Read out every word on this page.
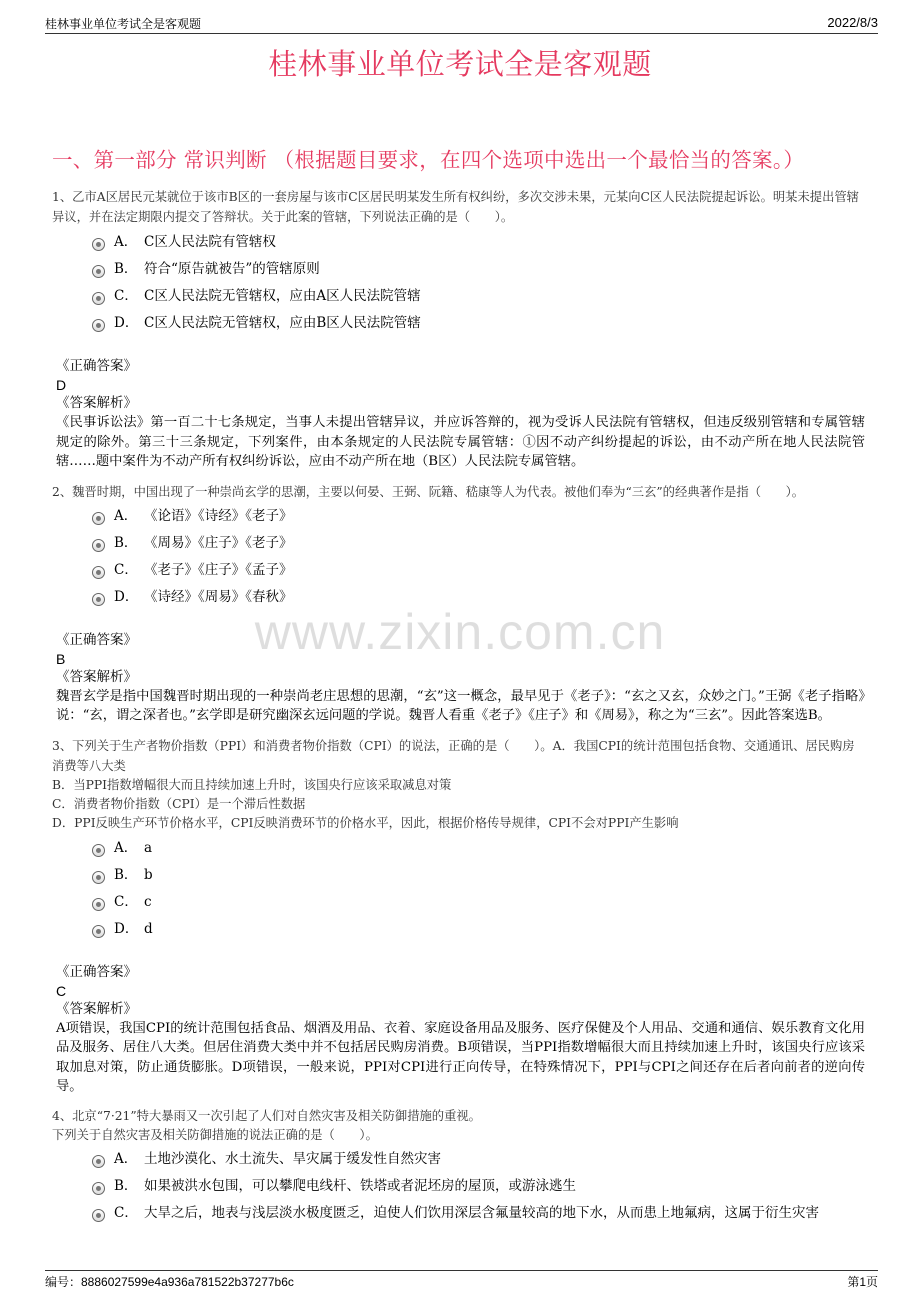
桂林事业单位考试全是客观题	2022/8/3
桂林事业单位考试全是客观题
一、第一部分 常识判断 （根据题目要求，在四个选项中选出一个最恰当的答案。）
www.zixin.com.cn
1、乙市A区居民元某就位于该市B区的一套房屋与该市C区居民明某发生所有权纠纷，多次交涉未果，元某向C区人民法院提起诉讼。明某未提出管辖异议，并在法定期限内提交了答辩状。关于此案的管辖，下列说法正确的是（　　）。
A． C区人民法院有管辖权
B． 符合“原告就被告”的管辖原则
C． C区人民法院无管辖权，应由A区人民法院管辖
D． C区人民法院无管辖权，应由B区人民法院管辖
《正确答案》
D
《答案解析》
《民事诉讼法》第一百二十七条规定，当事人未提出管辖异议，并应诉答辩的，视为受诉人民法院有管辖权，但违反级别管辖和专属管辖规定的除外。第三十三条规定，下列案件，由本条规定的人民法院专属管辖：①因不动产纠纷提起的诉讼，由不动产所在地人民法院管辖……题中案件为不动产所有权纠纷诉讼，应由不动产所在地（B区）人民法院专属管辖。
2、魏晋时期，中国出现了一种崇尚玄学的思潮，主要以何晏、王弼、阮籍、嵇康等人为代表。被他们奉为“三玄”的经典著作是指（　　）。
A． 《论语》《诗经》《老子》
B． 《周易》《庄子》《老子》
C． 《老子》《庄子》《孟子》
D． 《诗经》《周易》《春秋》
《正确答案》
B
《答案解析》
魏晋玄学是指中国魏晋时期出现的一种崇尚老庄思想的思潮，“玄”这一概念，最早见于《老子》：“玄之又玄，众妙之门。”王弼《老子指略》说：“玄，谓之深者也。”玄学即是研究幽深玄远问题的学说。魏晋人看重《老子》《庄子》和《周易》，称之为“三玄”。因此答案选B。
3、下列关于生产者物价指数（PPI）和消费者物价指数（CPI）的说法，正确的是（　　）。A．我国CPI的统计范围包括食物、交通通讯、居民购房消费等八大类
B．当PPI指数增幅很大而且持续加速上升时，该国央行应该采取减息对策
C．消费者物价指数（CPI）是一个滞后性数据
D．PPI反映生产环节价格水平，CPI反映消费环节的价格水平，因此，根据价格传导规律，CPI不会对PPI产生影响
A． a
B． b
C． c
D． d
《正确答案》
C
《答案解析》
A项错误，我国CPI的统计范围包括食品、烟酒及用品、衣着、家庭设备用品及服务、医疗保健及个人用品、交通和通信、娱乐教育文化用品及服务、居住八大类。但居住消费大类中并不包括居民购房消费。B项错误，当PPI指数增幅很大而且持续加速上升时，该国央行应该采取加息对策，防止通货膨胀。D项错误，一般来说，PPI对CPI进行正向传导，在特殊情况下，PPI与CPI之间还存在后者向前者的逆向传导。
4、北京“7·21”特大暴雨又一次引起了人们对自然灾害及相关防御措施的重视。
下列关于自然灾害及相关防御措施的说法正确的是（　　）。
A． 土地沙漠化、水土流失、旱灾属于缓发性自然灾害
B． 如果被洪水包围，可以攀爬电线杆、铁塔或者泥坯房的屋顶，或游泳逃生
C． 大旱之后，地表与浅层淡水极度匮乏，迫使人们饮用深层含氟量较高的地下水，从而患上地氟病，这属于衍生灾害
编号：8886027599e4a936a781522b37277b6c	第1页
